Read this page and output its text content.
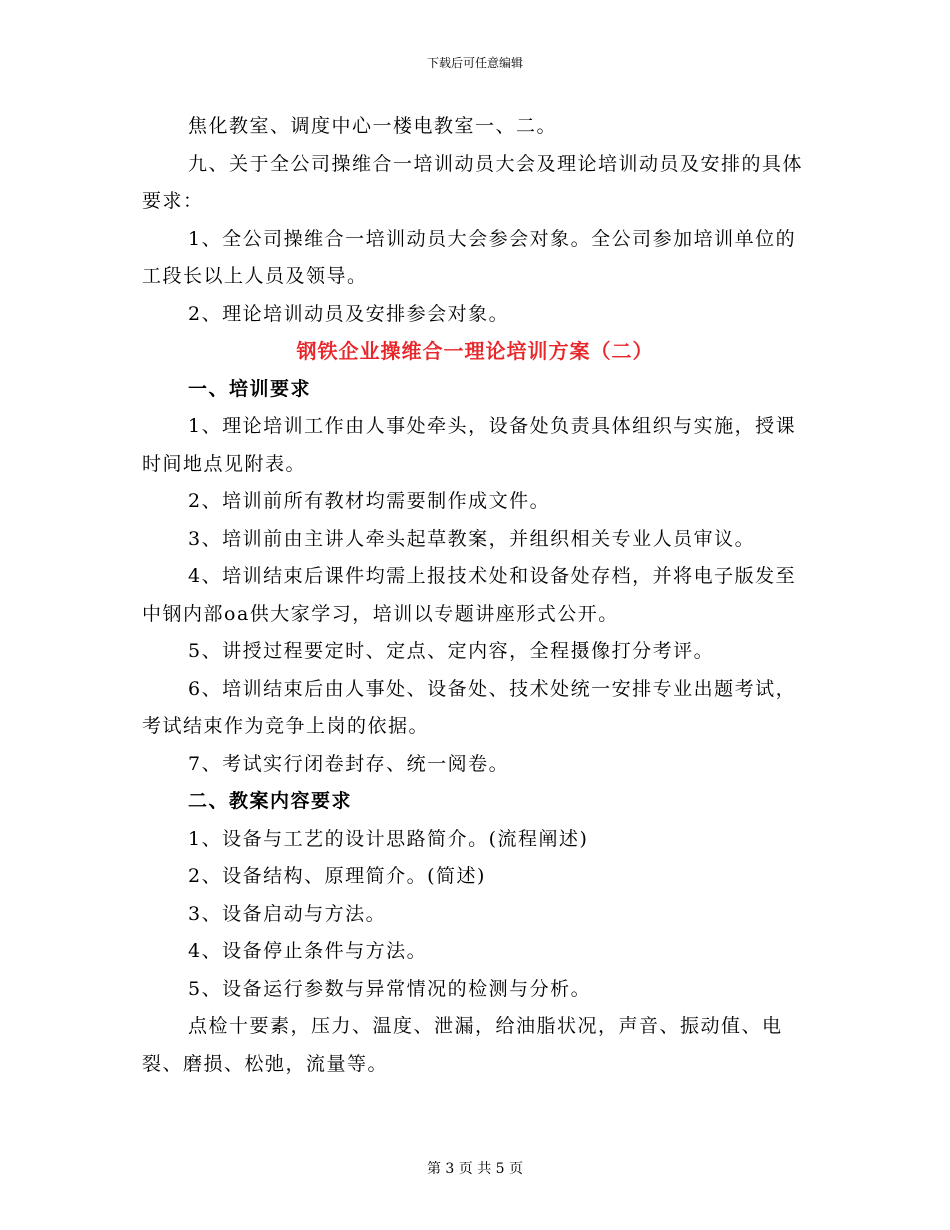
下载后可任意编辑

焦化教室、调度中心一楼电教室一、二。

九、关于全公司操维合一培训动员大会及理论培训动员及安排的具体要求：

1、全公司操维合一培训动员大会参会对象。全公司参加培训单位的工段长以上人员及领导。

2、理论培训动员及安排参会对象。

钢铁企业操维合一理论培训方案（二）

一、培训要求

1、理论培训工作由人事处牵头，设备处负责具体组织与实施，授课时间地点见附表。

2、培训前所有教材均需要制作成文件。

3、培训前由主讲人牵头起草教案，并组织相关专业人员审议。

4、培训结束后课件均需上报技术处和设备处存档，并将电子版发至中钢内部oa供大家学习，培训以专题讲座形式公开。

5、讲授过程要定时、定点、定内容，全程摄像打分考评。

6、培训结束后由人事处、设备处、技术处统一安排专业出题考试，考试结束作为竞争上岗的依据。

7、考试实行闭卷封存、统一阅卷。

二、教案内容要求

1、设备与工艺的设计思路简介。(流程阐述)

2、设备结构、原理简介。(简述)

3、设备启动与方法。

4、设备停止条件与方法。

5、设备运行参数与异常情况的检测与分析。

点检十要素，压力、温度、泄漏，给油脂状况，声音、振动值、电裂、磨损、松弛，流量等。

第 3 页 共 5 页
